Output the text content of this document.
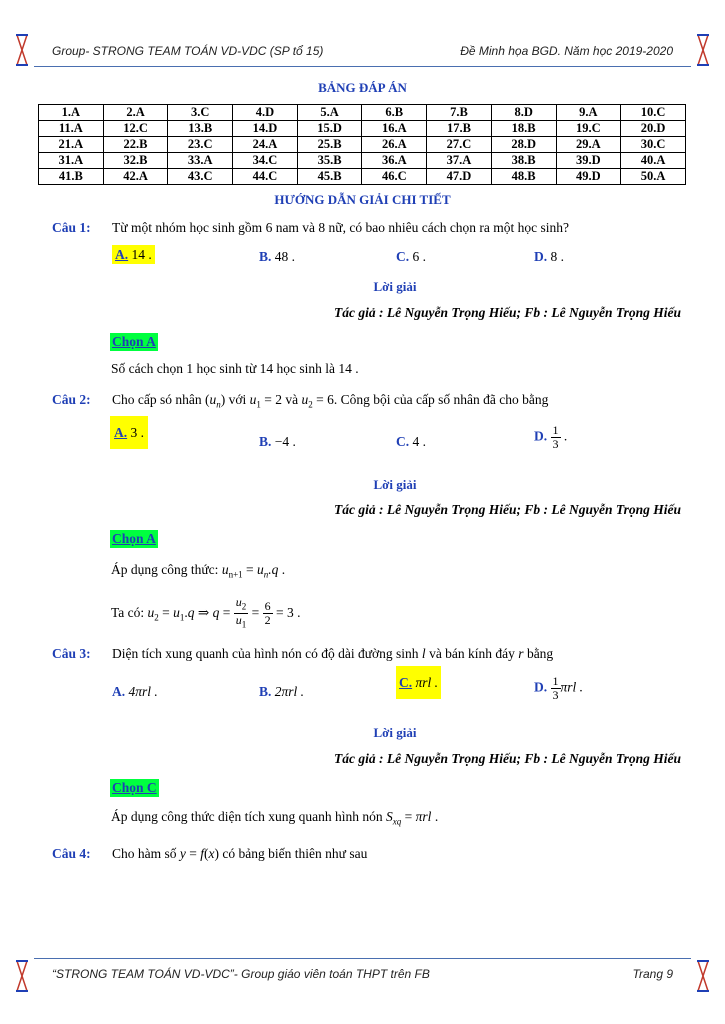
Group- STRONG TEAM TOÁN VD-VDC (SP tổ 15)	Đề Minh họa BGD. Năm học 2019-2020
BẢNG ĐÁP ÁN
1.A	2.A	3.C	4.D	5.A	6.B	7.B	8.D	9.A	10.C
11.A	12.C	13.B	14.D	15.D	16.A	17.B	18.B	19.C	20.D
21.A	22.B	23.C	24.A	25.B	26.A	27.C	28.D	29.A	30.C
31.A	32.B	33.A	34.C	35.B	36.A	37.A	38.B	39.D	40.A
41.B	42.A	43.C	44.C	45.B	46.C	47.D	48.B	49.D	50.A
HƯỚNG DẪN GIẢI CHI TIẾT
Câu 1: Từ một nhóm học sinh gồm 6 nam và 8 nữ, có bao nhiêu cách chọn ra một học sinh?
A. 14 .	B. 48 .	C. 6 .	D. 8 .
Lời giải
Tác giả : Lê Nguyễn Trọng Hiếu; Fb : Lê Nguyễn Trọng Hiếu
Chọn A
Số cách chọn 1 học sinh từ 14 học sinh là 14 .
Câu 2: Cho cấp só nhân $(u_n)$ với $u_1 = 2$ và $u_2 = 6$. Công bội của cấp số nhân đã cho bằng
A. 3 .
B. −4 .	C. 4 .	D. $\frac{1}{3}$ .
Lời giải
Tác giả : Lê Nguyễn Trọng Hiếu; Fb : Lê Nguyễn Trọng Hiếu
Chọn A
Áp dụng công thức: $u_{n+1} = u_n.q$ .
Ta có: $u_2 = u_1.q$ ⇒ $q = \frac{u_2}{u_1} = \frac{6}{2} = 3$ .
Câu 3: Diện tích xung quanh của hình nón có độ dài đường sinh l và bán kính đáy r bằng
A. 4πrl .	B. 2πrl .
C. πrl .	D. $\frac{1}{3}$ πrl .
Lời giải
Tác giả : Lê Nguyễn Trọng Hiếu; Fb : Lê Nguyễn Trọng Hiếu
Chọn C
Áp dụng công thức diện tích xung quanh hình nón $S_{xq} = \pi rl$ .
Câu 4: Cho hàm số y = f(x) có bảng biến thiên như sau
“STRONG TEAM TOÁN VD-VDC”- Group giáo viên toán THPT trên FB	Trang 9
